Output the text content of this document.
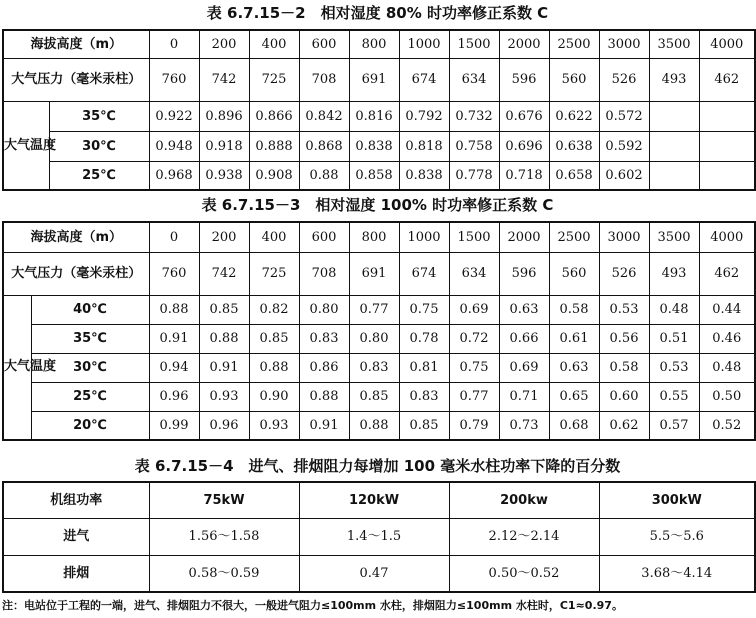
表 6.7.15－2　相对湿度 80% 时功率修正系数 C
海拔高度（m）		0	200	400	600	800	1000	1500	2000	2500	3000	3500	4000
大气压力（毫米汞柱）		760	742	725	708	691	674	634	596	560	526	493	462
大气温度	35℃	0.922	0.896	0.866	0.842	0.816	0.792	0.732	0.676	0.622	0.572		
	30℃	0.948	0.918	0.888	0.868	0.838	0.818	0.758	0.696	0.638	0.592		
	25℃	0.968	0.938	0.908	0.88	0.858	0.838	0.778	0.718	0.658	0.602		
表 6.7.15－3　相对湿度 100% 时功率修正系数 C
海拔高度（m）		0	200	400	600	800	1000	1500	2000	2500	3000	3500	4000
大气压力（毫米汞柱）		760	742	725	708	691	674	634	596	560	526	493	462
大气温度	40℃	0.88	0.85	0.82	0.80	0.77	0.75	0.69	0.63	0.58	0.53	0.48	0.44
	35℃	0.91	0.88	0.85	0.83	0.80	0.78	0.72	0.66	0.61	0.56	0.51	0.46
	30℃	0.94	0.91	0.88	0.86	0.83	0.81	0.75	0.69	0.63	0.58	0.53	0.48
	25℃	0.96	0.93	0.90	0.88	0.85	0.83	0.77	0.71	0.65	0.60	0.55	0.50
	20℃	0.99	0.96	0.93	0.91	0.88	0.85	0.79	0.73	0.68	0.62	0.57	0.52
表 6.7.15－4　进气、排烟阻力每增加 100 毫米水柱功率下降的百分数
机组功率	75kW	120kW	200kw	300kW
进气	1.56～1.58	1.4～1.5	2.12～2.14	5.5～5.6
排烟	0.58～0.59	0.47	0.50～0.52	3.68～4.14
注：电站位于工程的一端，进气、排烟阻力不很大，一般进气阻力≤100mm 水柱，排烟阻力≤100mm 水柱时，C1≈0.97。
